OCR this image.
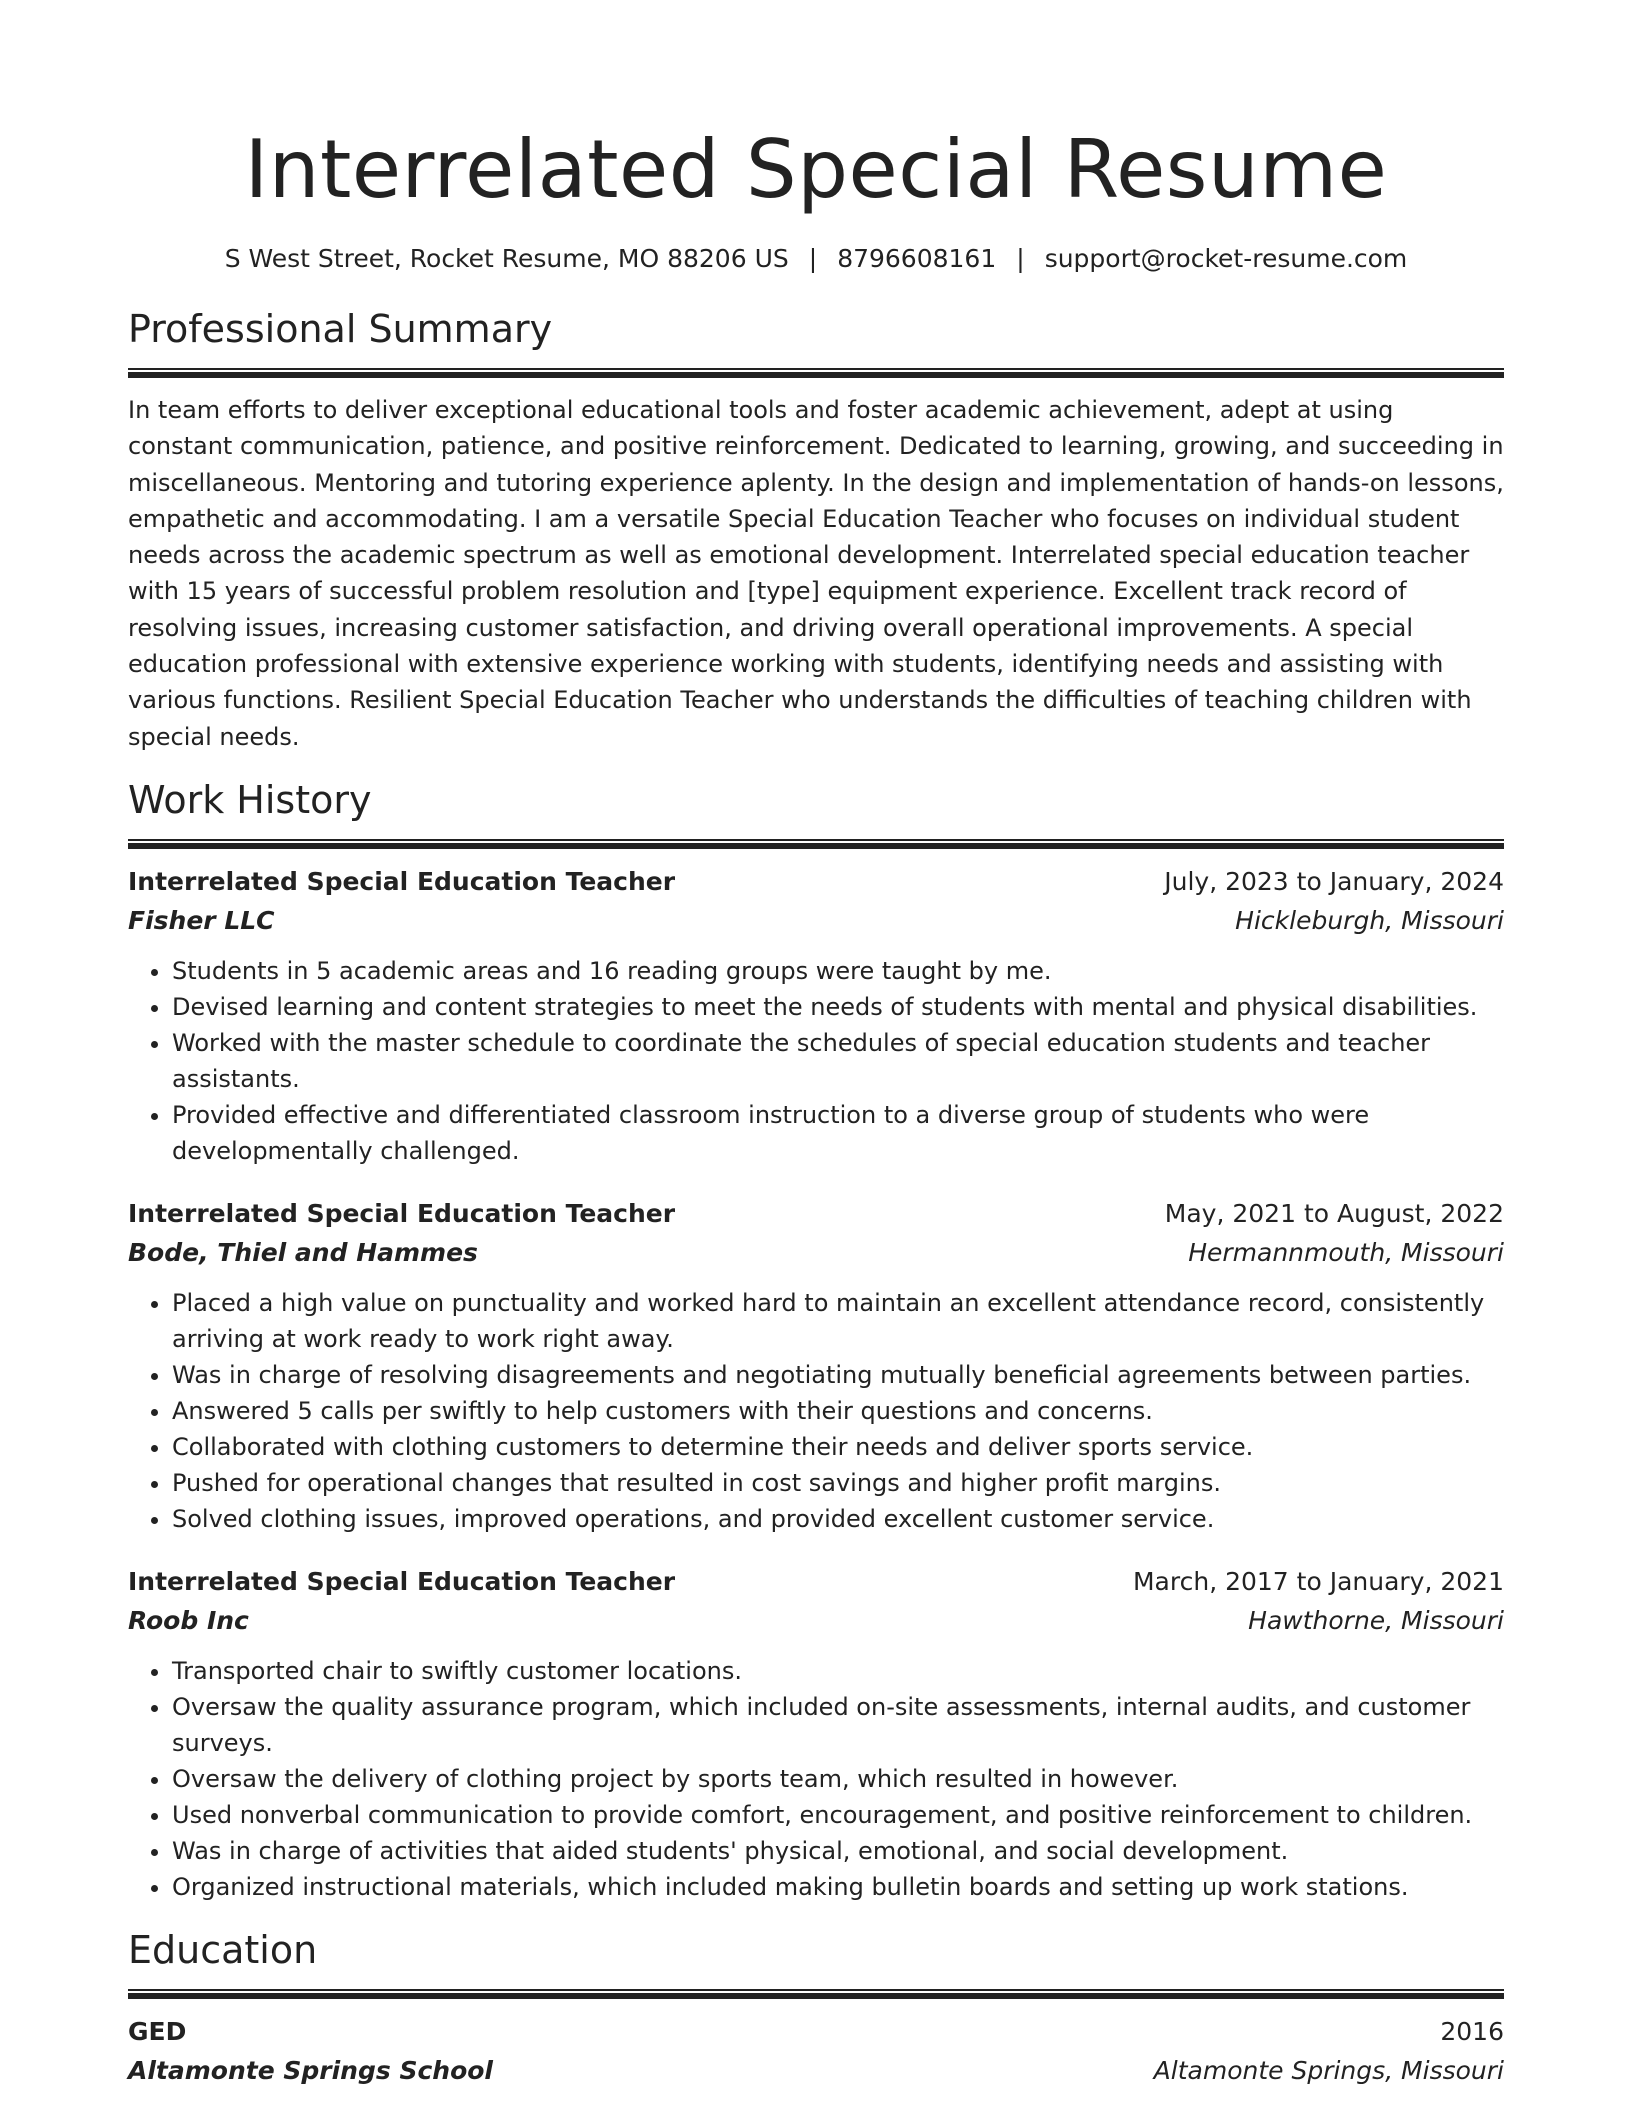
Interrelated Special Resume
S West Street, Rocket Resume, MO 88206 US | 8796608161 | support@rocket-resume.com
Professional Summary

In team efforts to deliver exceptional educational tools and foster academic achievement, adept at using constant communication, patience, and positive reinforcement. Dedicated to learning, growing, and succeeding in miscellaneous. Mentoring and tutoring experience aplenty. In the design and implementation of hands-on lessons, empathetic and accommodating. I am a versatile Special Education Teacher who focuses on individual student needs across the academic spectrum as well as emotional development. Interrelated special education teacher with 15 years of successful problem resolution and [type] equipment experience. Excellent track record of resolving issues, increasing customer satisfaction, and driving overall operational improvements. A special education professional with extensive experience working with students, identifying needs and assisting with various functions. Resilient Special Education Teacher who understands the difficulties of teaching children with special needs.

Work History
Interrelated Special Education Teacher	July, 2023 to January, 2024
Fisher LLC	Hickleburgh, Missouri
• Students in 5 academic areas and 16 reading groups were taught by me.
• Devised learning and content strategies to meet the needs of students with mental and physical disabilities.
• Worked with the master schedule to coordinate the schedules of special education students and teacher assistants.
• Provided effective and differentiated classroom instruction to a diverse group of students who were developmentally challenged.
Interrelated Special Education Teacher	May, 2021 to August, 2022
Bode, Thiel and Hammes	Hermannmouth, Missouri
• Placed a high value on punctuality and worked hard to maintain an excellent attendance record, consistently arriving at work ready to work right away.
• Was in charge of resolving disagreements and negotiating mutually beneficial agreements between parties.
• Answered 5 calls per swiftly to help customers with their questions and concerns.
• Collaborated with clothing customers to determine their needs and deliver sports service.
• Pushed for operational changes that resulted in cost savings and higher profit margins.
• Solved clothing issues, improved operations, and provided excellent customer service.
Interrelated Special Education Teacher	March, 2017 to January, 2021
Roob Inc	Hawthorne, Missouri
• Transported chair to swiftly customer locations.
• Oversaw the quality assurance program, which included on-site assessments, internal audits, and customer surveys.
• Oversaw the delivery of clothing project by sports team, which resulted in however.
• Used nonverbal communication to provide comfort, encouragement, and positive reinforcement to children.
• Was in charge of activities that aided students' physical, emotional, and social development.
• Organized instructional materials, which included making bulletin boards and setting up work stations.
Education
GED	2016
Altamonte Springs School	Altamonte Springs, Missouri
